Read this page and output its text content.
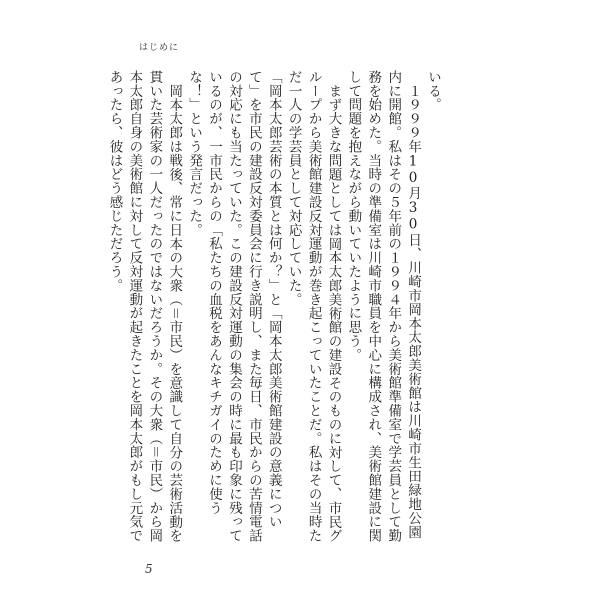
はじめに

いる。

１９９９年10月30日、川崎市岡本太郎美術館は川崎市生田緑地公園内に開館。私はその５年前の１９９４年から美術館準備室で学芸員として勤務を始めた。当時の準備室は川崎市職員を中心に構成され、美術館建設に関して問題を抱えながら動いていたように思う。

まず大きな問題としては岡本太郎美術館の建設そのものに対して、市民グループから美術館建設反対運動が巻き起こっていたことだ。私はその当時ただ一人の学芸員として対応していた。

「岡本太郎芸術の本質とは何か？」と「岡本太郎美術館建設の意義について」を市民の建設反対委員会に行き説明し、また毎日、市民からの苦情電話の対応にも当たっていた。この建設反対運動の集会の時に最も印象に残っているのが、一市民からの「私たちの血税をあんなキチガイのために使うな！」という発言だった。

岡本太郎は戦後、常に日本の大衆（＝市民）を意識して自分の芸術活動を貫いた芸術家の一人だったのではないだろうか。その大衆（＝市民）から岡本太郎自身の美術館に対して反対運動が起きたことを岡本太郎がもし元気であったら、彼はどう感じただろう。

5
